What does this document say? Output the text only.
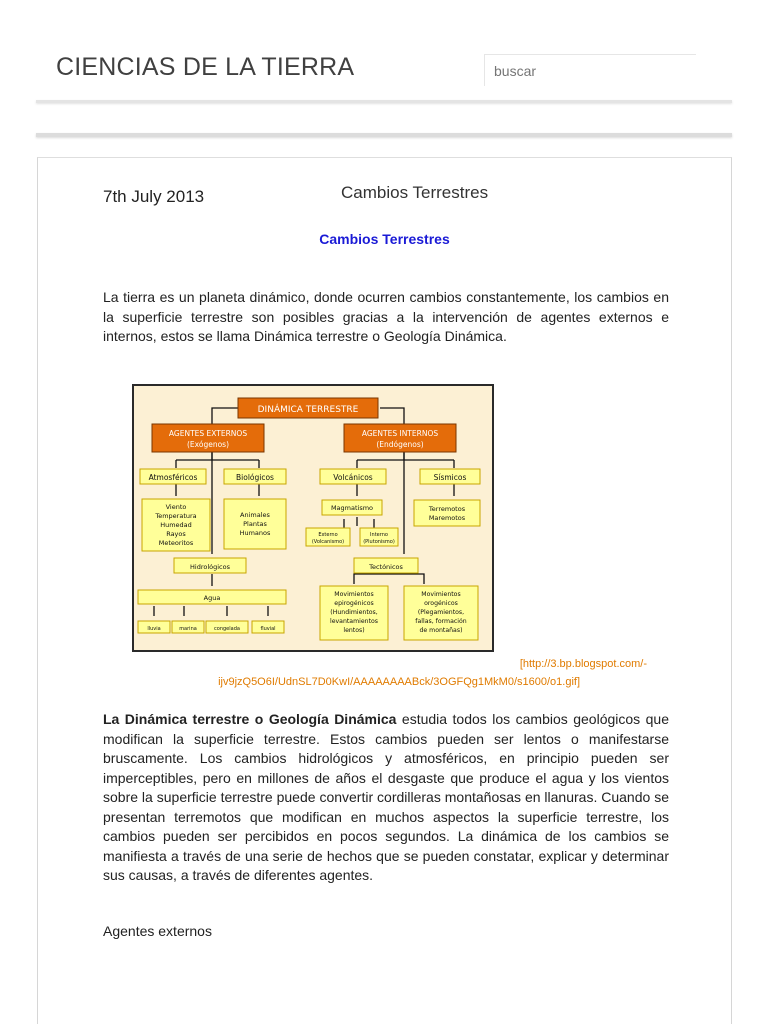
CIENCIAS DE LA TIERRA
buscar
7th July 2013	Cambios Terrestres
Cambios Terrestres
La tierra es un planeta dinámico, donde ocurren cambios constantemente, los cambios en la superficie terrestre son posibles gracias a la intervención de agentes externos e internos, estos se llama Dinámica terrestre o Geología Dinámica.
DINÁMICA TERRESTRE
AGENTES EXTERNOS
(Exógenos)
AGENTES INTERNOS
(Endógenos)
Atmosféricos	Biológicos	Volcánicos	Sísmicos
Viento
Temperatura
Humedad
Rayos
Meteoritos
Animales
Plantas
Humanos
Magmatismo	Terremotos
Maremotos
Hidrológicos	Tectónicos
Agua
Externo
(Volcanismo)
Interno
(Plutonismo)
lluvia	marina	congelada	fluvial
Movimientos
epirogénicos
(Hundimientos,
levantamientos
lentos)
Movimientos
orogénicos
(Plegamientos,
fallas, formación
de montañas)
[http://3.bp.blogspot.com/-
ijv9jzQ5O6I/UdnSL7D0KwI/AAAAAAAABck/3OGFQg1MkM0/s1600/o1.gif]
La Dinámica terrestre o Geología Dinámica estudia todos los cambios geológicos que modifican la superficie terrestre. Estos cambios pueden ser lentos o manifestarse bruscamente. Los cambios hidrológicos y atmosféricos, en principio pueden ser imperceptibles, pero en millones de años el desgaste que produce el agua y los vientos sobre la superficie terrestre puede convertir cordilleras montañosas en llanuras. Cuando se presentan terremotos que modifican en muchos aspectos la superficie terrestre, los cambios pueden ser percibidos en pocos segundos. La dinámica de los cambios se manifiesta a través de una serie de hechos que se pueden constatar, explicar y determinar sus causas, a través de diferentes agentes.
Agentes externos
